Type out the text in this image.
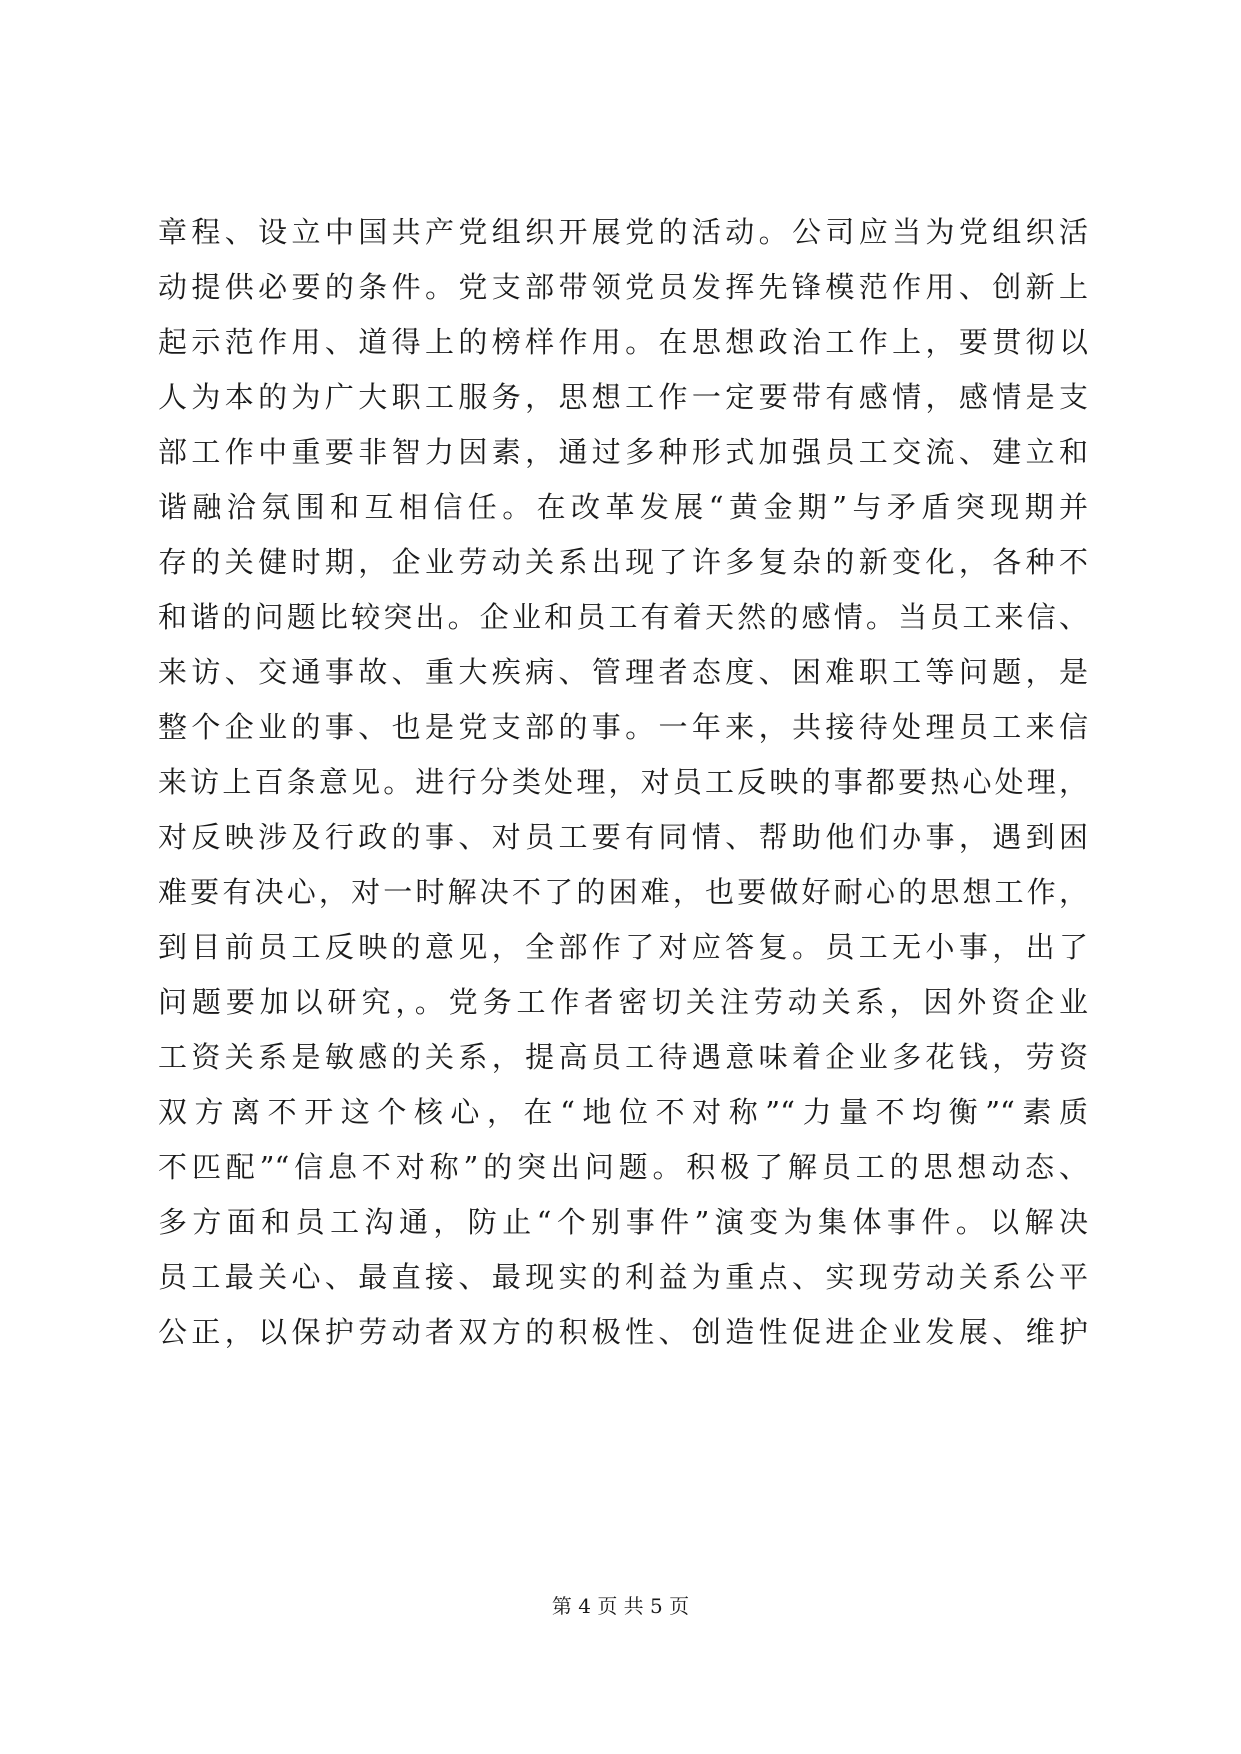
章程、设立中国共产党组织开展党的活动。公司应当为党组织活
动提供必要的条件。党支部带领党员发挥先锋模范作用、创新上
起示范作用、道得上的榜样作用。在思想政治工作上，要贯彻以
人为本的为广大职工服务，思想工作一定要带有感情，感情是支
部工作中重要非智力因素，通过多种形式加强员工交流、建立和
谐融洽氛围和互相信任。在改革发展“黄金期”与矛盾突现期并
存的关健时期，企业劳动关系出现了许多复杂的新变化，各种不
和谐的问题比较突出。企业和员工有着天然的感情。当员工来信、
来访、交通事故、重大疾病、管理者态度、困难职工等问题，是
整个企业的事、也是党支部的事。一年来，共接待处理员工来信
来访上百条意见。进行分类处理，对员工反映的事都要热心处理，
对反映涉及行政的事、对员工要有同情、帮助他们办事，遇到困
难要有决心，对一时解决不了的困难，也要做好耐心的思想工作，
到目前员工反映的意见，全部作了对应答复。员工无小事，出了
问题要加以研究，。党务工作者密切关注劳动关系，因外资企业
工资关系是敏感的关系，提高员工待遇意味着企业多花钱，劳资
双方离不开这个核心，在“地位不对称”“力量不均衡”“素质
不匹配”“信息不对称”的突出问题。积极了解员工的思想动态、
多方面和员工沟通，防止“个别事件”演变为集体事件。以解决
员工最关心、最直接、最现实的利益为重点、实现劳动关系公平
公正，以保护劳动者双方的积极性、创造性促进企业发展、维护
第 4 页 共 5 页
